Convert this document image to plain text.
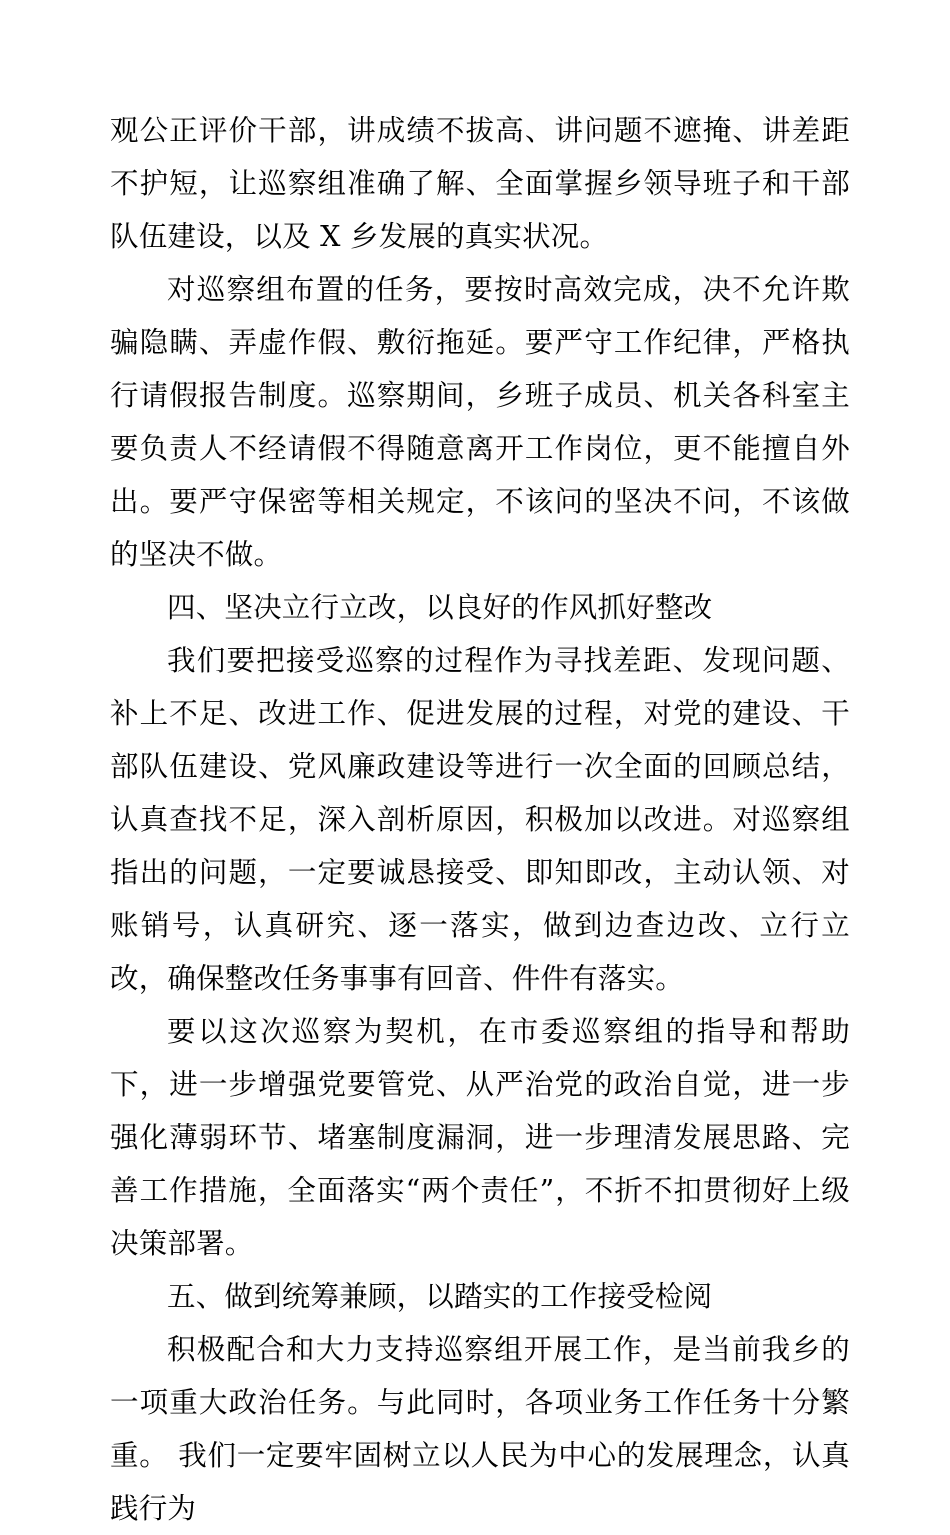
观公正评价干部，讲成绩不拔高、讲问题不遮掩、讲差距不护短，让巡察组准确了解、全面掌握乡领导班子和干部队伍建设，以及 X 乡发展的真实状况。

对巡察组布置的任务，要按时高效完成，决不允许欺骗隐瞒、弄虚作假、敷衍拖延。要严守工作纪律，严格执行请假报告制度。巡察期间，乡班子成员、机关各科室主要负责人不经请假不得随意离开工作岗位，更不能擅自外出。要严守保密等相关规定，不该问的坚决不问，不该做的坚决不做。

四、坚决立行立改，以良好的作风抓好整改

我们要把接受巡察的过程作为寻找差距、发现问题、补上不足、改进工作、促进发展的过程，对党的建设、干部队伍建设、党风廉政建设等进行一次全面的回顾总结，认真查找不足，深入剖析原因，积极加以改进。对巡察组指出的问题，一定要诚恳接受、即知即改，主动认领、对账销号，认真研究、逐一落实，做到边查边改、立行立改，确保整改任务事事有回音、件件有落实。

要以这次巡察为契机，在市委巡察组的指导和帮助下，进一步增强党要管党、从严治党的政治自觉，进一步强化薄弱环节、堵塞制度漏洞，进一步理清发展思路、完善工作措施，全面落实“两个责任”，不折不扣贯彻好上级决策部署。

五、做到统筹兼顾，以踏实的工作接受检阅

积极配合和大力支持巡察组开展工作，是当前我乡的一项重大政治任务。与此同时，各项业务工作任务十分繁重。 我们一定要牢固树立以人民为中心的发展理念，认真践行为
